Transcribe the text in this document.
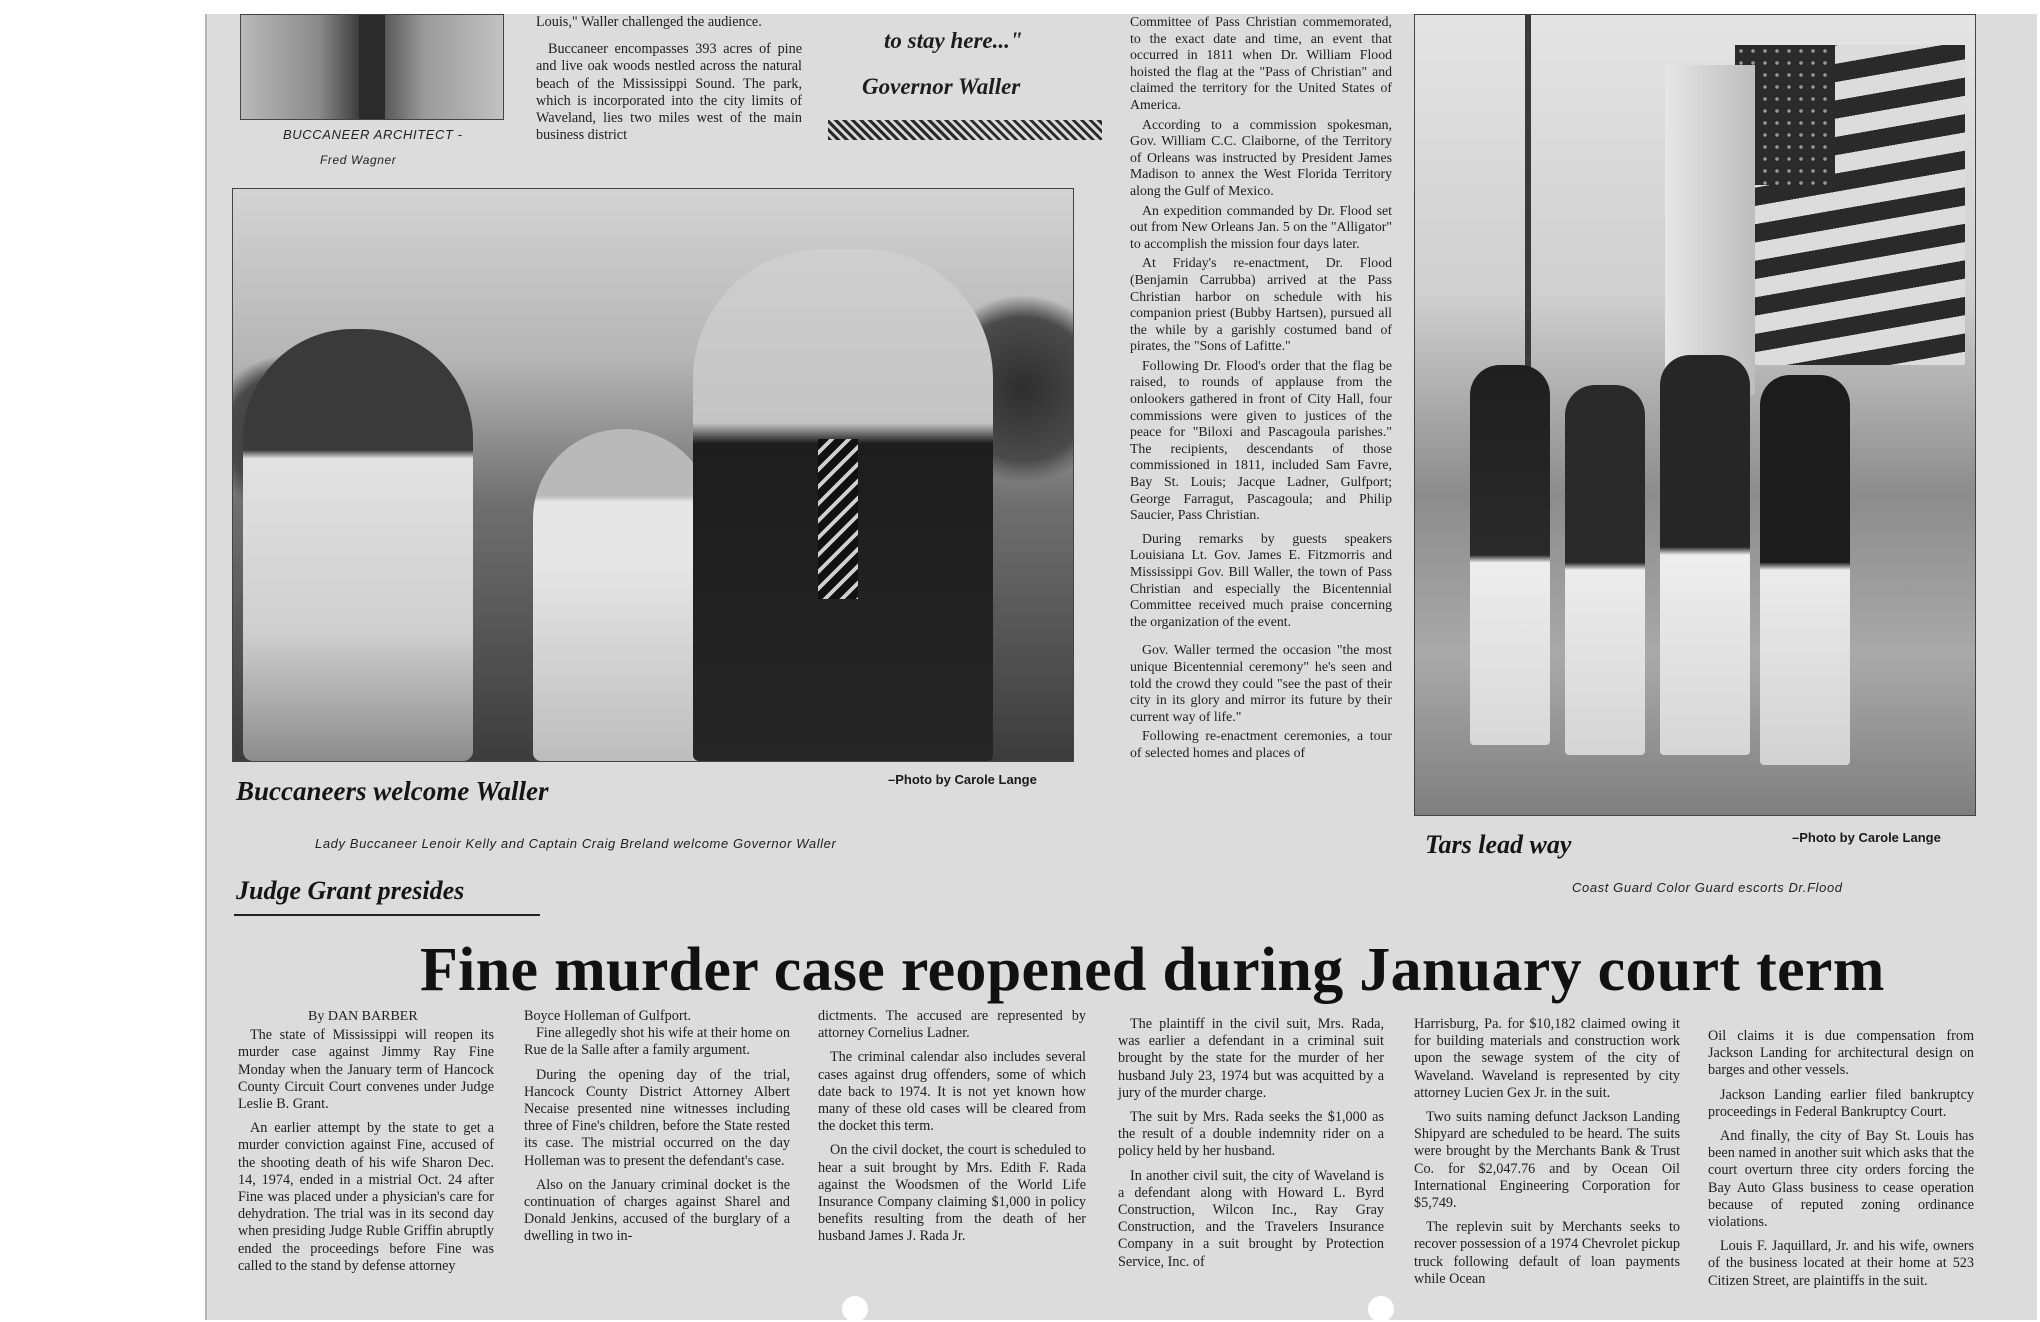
BUCCANEER ARCHITECT -
Fred Wagner

Louis," Waller challenged the audience.

Buccaneer encompasses 393 acres of pine and live oak woods nestled across the natural beach of the Mississippi Sound. The park, which is incorporated into the city limits of Waveland, lies two miles west of the main business district

to stay here..."
Governor Waller
–Photo by Carole Lange
Buccaneers welcome Waller
Lady Buccaneer Lenoir Kelly and Captain Craig Breland welcome Governor Waller
Judge Grant presides

Committee of Pass Christian commemorated, to the exact date and time, an event that occurred in 1811 when Dr. William Flood hoisted the flag at the "Pass of Christian" and claimed the territory for the United States of America.

According to a commission spokesman, Gov. William C.C. Claiborne, of the Territory of Orleans was instructed by President James Madison to annex the West Florida Territory along the Gulf of Mexico.

An expedition commanded by Dr. Flood set out from New Orleans Jan. 5 on the "Alligator" to accomplish the mission four days later.

At Friday's re-enactment, Dr. Flood (Benjamin Carrubba) arrived at the Pass Christian harbor on schedule with his companion priest (Bubby Hartsen), pursued all the while by a garishly costumed band of pirates, the "Sons of Lafitte."

Following Dr. Flood's order that the flag be raised, to rounds of applause from the onlookers gathered in front of City Hall, four commissions were given to justices of the peace for "Biloxi and Pascagoula parishes." The recipients, descendants of those commissioned in 1811, included Sam Favre, Bay St. Louis; Jacque Ladner, Gulfport; George Farragut, Pascagoula; and Philip Saucier, Pass Christian.

During remarks by guests speakers Louisiana Lt. Gov. James E. Fitzmorris and Mississippi Gov. Bill Waller, the town of Pass Christian and especially the Bicentennial Committee received much praise concerning the organization of the event.

Gov. Waller termed the occasion "the most unique Bicentennial ceremony" he's seen and told the crowd they could "see the past of their city in its glory and mirror its future by their current way of life."

Following re-enactment ceremonies, a tour of selected homes and places of

Tars lead way	–Photo by Carole Lange
Coast Guard Color Guard escorts Dr.Flood
Fine murder case reopened during January court term
By DAN BARBER

The state of Mississippi will reopen its murder case against Jimmy Ray Fine Monday when the January term of Hancock County Circuit Court convenes under Judge Leslie B. Grant.

An earlier attempt by the state to get a murder conviction against Fine, accused of the shooting death of his wife Sharon Dec. 14, 1974, ended in a mistrial Oct. 24 after Fine was placed under a physician's care for dehydration. The trial was in its second day when presiding Judge Ruble Griffin abruptly ended the proceedings before Fine was called to the stand by defense attorney

Boyce Holleman of Gulfport.

Fine allegedly shot his wife at their home on Rue de la Salle after a family argument.

During the opening day of the trial, Hancock County District Attorney Albert Necaise presented nine witnesses including three of Fine's children, before the State rested its case. The mistrial occurred on the day Holleman was to present the defendant's case.

Also on the January criminal docket is the continuation of charges against Sharel and Donald Jenkins, accused of the burglary of a dwelling in two in-

dictments. The accused are represented by attorney Cornelius Ladner.

The criminal calendar also includes several cases against drug offenders, some of which date back to 1974. It is not yet known how many of these old cases will be cleared from the docket this term.

On the civil docket, the court is scheduled to hear a suit brought by Mrs. Edith F. Rada against the Woodsmen of the World Life Insurance Company claiming $1,000 in policy benefits resulting from the death of her husband James J. Rada Jr.

The plaintiff in the civil suit, Mrs. Rada, was earlier a defendant in a criminal suit brought by the state for the murder of her husband July 23, 1974 but was acquitted by a jury of the murder charge.

The suit by Mrs. Rada seeks the $1,000 as the result of a double indemnity rider on a policy held by her husband.

In another civil suit, the city of Waveland is a defendant along with Howard L. Byrd Construction, Wilcon Inc., Ray Gray Construction, and the Travelers Insurance Company in a suit brought by Protection Service, Inc. of

Harrisburg, Pa. for $10,182 claimed owing it for building materials and construction work upon the sewage system of the city of Waveland. Waveland is represented by city attorney Lucien Gex Jr. in the suit.

Two suits naming defunct Jackson Landing Shipyard are scheduled to be heard. The suits were brought by the Merchants Bank & Trust Co. for $2,047.76 and by Ocean Oil International Engineering Corporation for $5,749.

The replevin suit by Merchants seeks to recover possession of a 1974 Chevrolet pickup truck following default of loan payments while Ocean

Oil claims it is due compensation from Jackson Landing for architectural design on barges and other vessels.

Jackson Landing earlier filed bankruptcy proceedings in Federal Bankruptcy Court.

And finally, the city of Bay St. Louis has been named in another suit which asks that the court overturn three city orders forcing the Bay Auto Glass business to cease operation because of reputed zoning ordinance violations.

Louis F. Jaquillard, Jr. and his wife, owners of the business located at their home at 523 Citizen Street, are plaintiffs in the suit.
